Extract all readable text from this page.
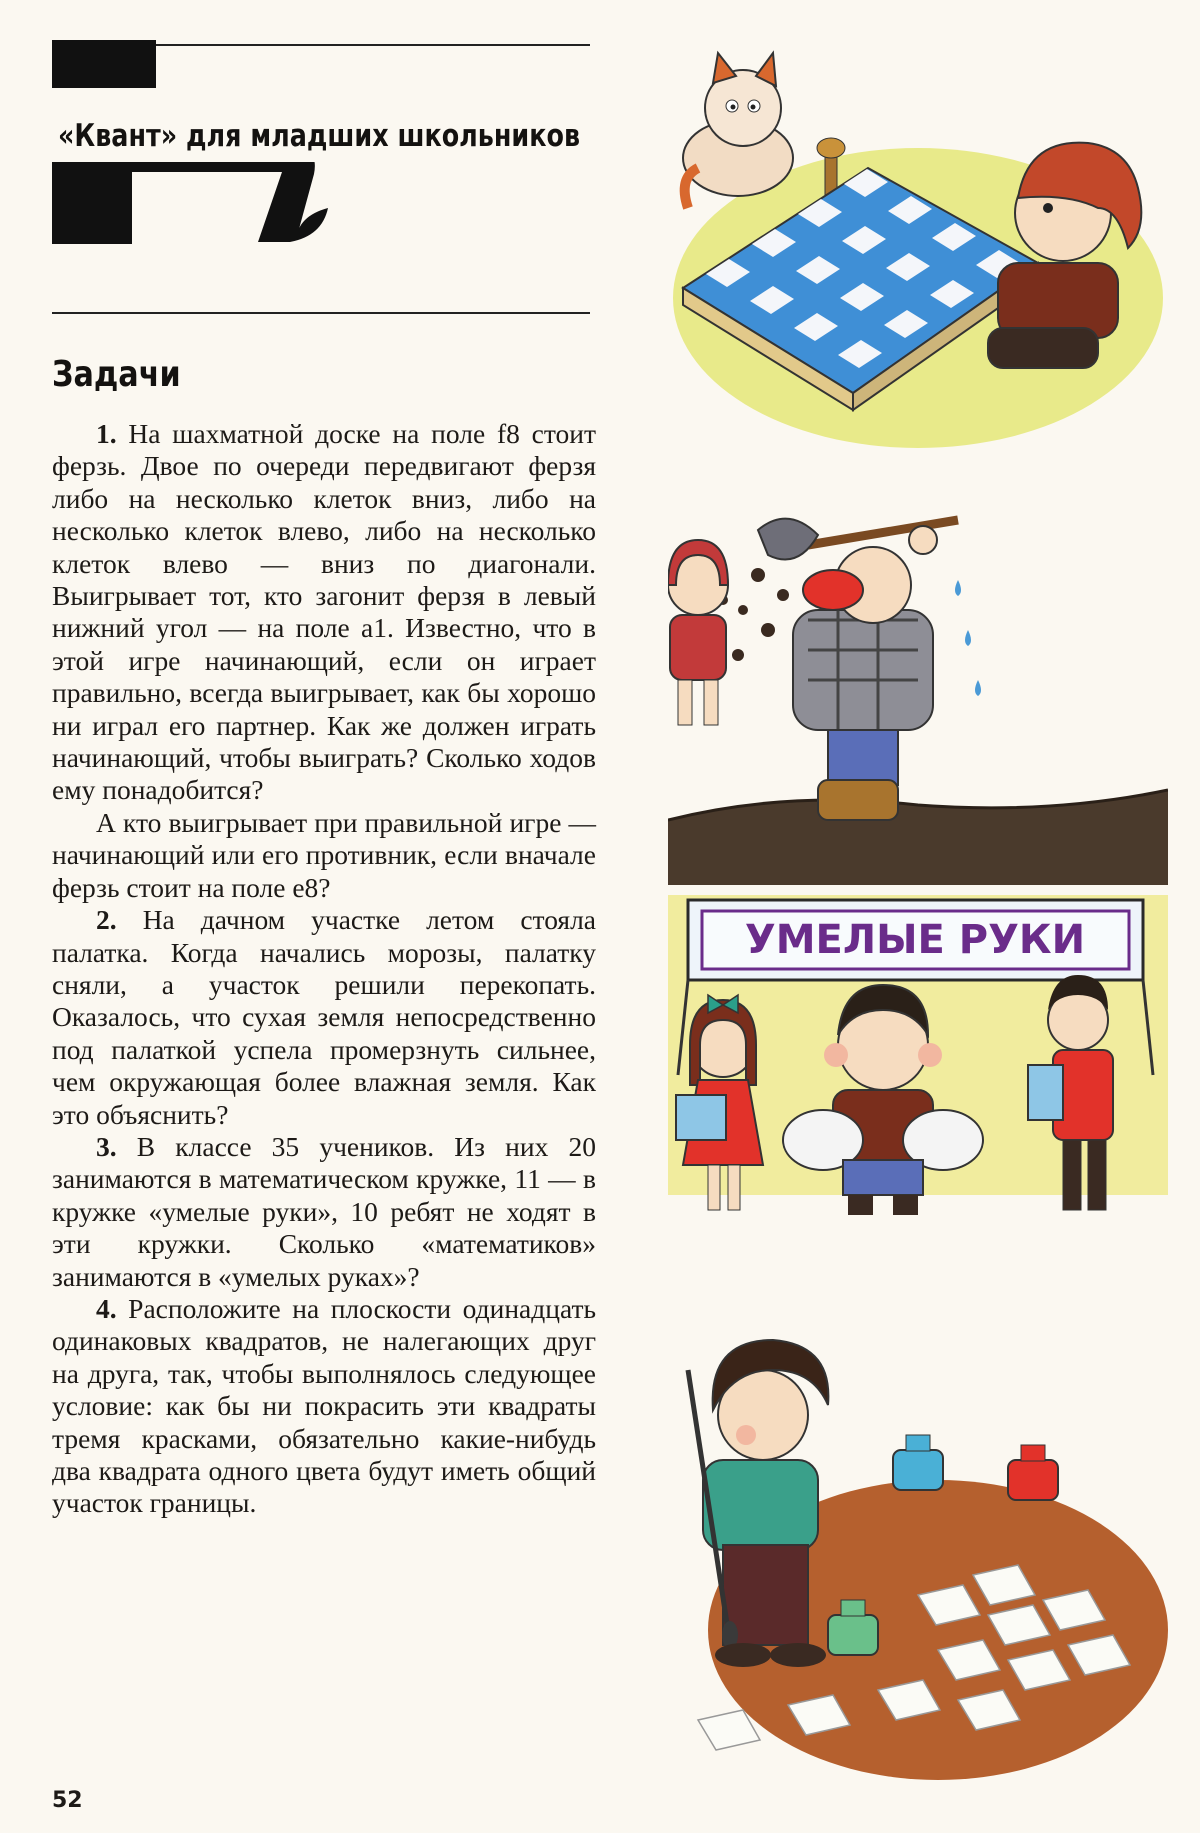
«Квант» для младших школьников
Задачи

1. На шахматной доске на поле f8 стоит ферзь. Двое по очереди передвигают ферзя либо на несколько клеток вниз, либо на несколько клеток влево, либо на несколько клеток влево — вниз по диагонали. Выигрывает тот, кто загонит ферзя в левый нижний угол — на поле a1. Известно, что в этой игре начинающий, если он играет правильно, всегда выигрывает, как бы хорошо ни играл его партнер. Как же должен играть начинающий, чтобы выиграть? Сколько ходов ему понадобится?

А кто выигрывает при правильной игре — начинающий или его противник, если вначале ферзь стоит на поле e8?

2. На дачном участке летом стояла палатка. Когда начались морозы, палатку сняли, а участок решили перекопать. Оказалось, что сухая земля непосредственно под палаткой успела промерзнуть сильнее, чем окружающая более влажная земля. Как это объяснить?

3. В классе 35 учеников. Из них 20 занимаются в математическом кружке, 11 — в кружке «умелые руки», 10 ребят не ходят в эти кружки. Сколько «математиков» занимаются в «умелых руках»?

4. Расположите на плоскости одинадцать одинаковых квадратов, не налегающих друг на друга, так, чтобы выполнялось следующее условие: как бы ни покрасить эти квадраты тремя красками, обязательно какие-нибудь два квадрата одного цвета будут иметь общий участок границы.

52
УМЕЛЫЕ РУКИ
